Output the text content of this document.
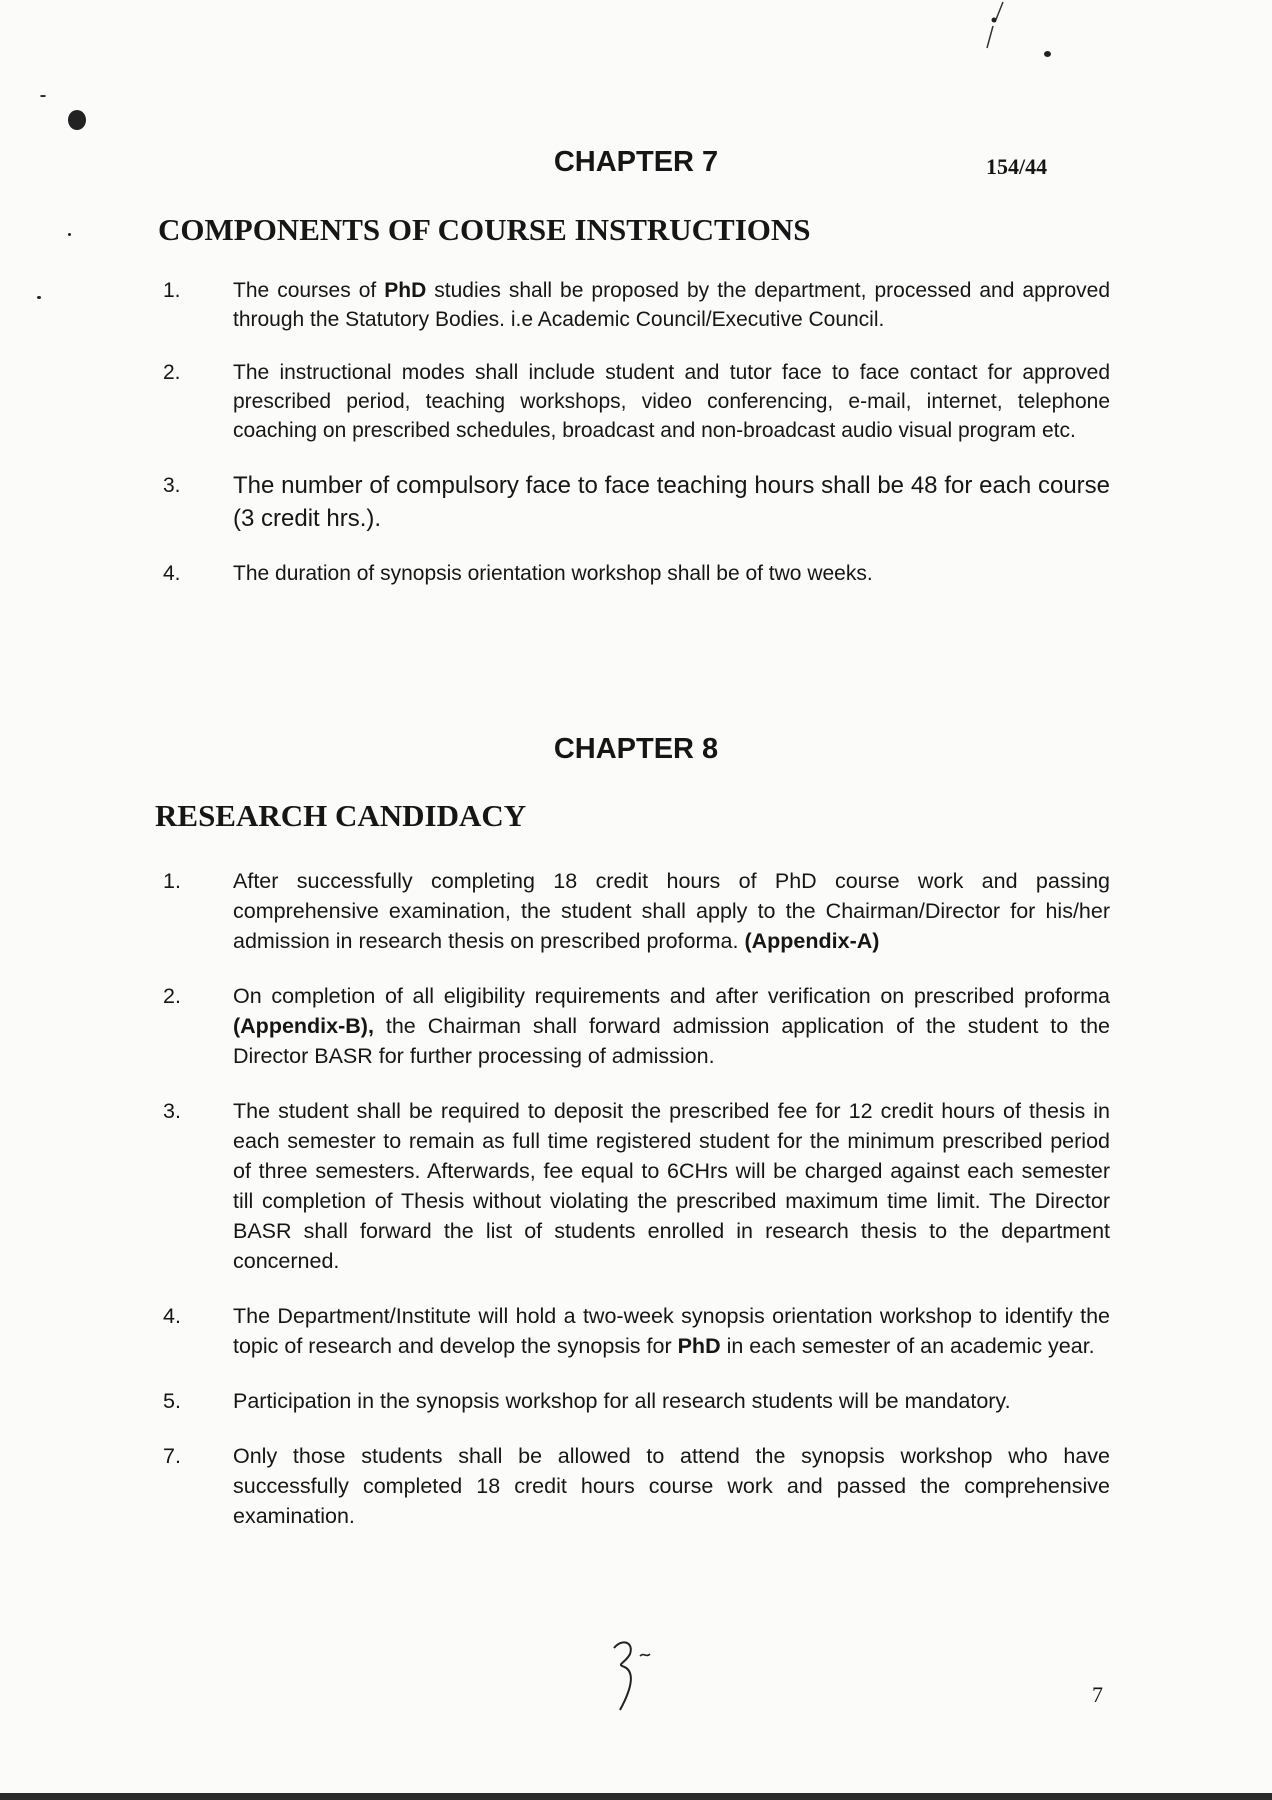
154/44
CHAPTER 7
COMPONENTS OF COURSE INSTRUCTIONS
1. The courses of PhD studies shall be proposed by the department, processed and approved through the Statutory Bodies. i.e Academic Council/Executive Council.
2. The instructional modes shall include student and tutor face to face contact for approved prescribed period, teaching workshops, video conferencing, e-mail, internet, telephone coaching on prescribed schedules, broadcast and non-broadcast audio visual program etc.
3. The number of compulsory face to face teaching hours shall be 48 for each course (3 credit hrs.).
4. The duration of synopsis orientation workshop shall be of two weeks.
CHAPTER 8
RESEARCH CANDIDACY
1. After successfully completing 18 credit hours of PhD course work and passing comprehensive examination, the student shall apply to the Chairman/Director for his/her admission in research thesis on prescribed proforma. (Appendix-A)
2. On completion of all eligibility requirements and after verification on prescribed proforma (Appendix-B), the Chairman shall forward admission application of the student to the Director BASR for further processing of admission.
3. The student shall be required to deposit the prescribed fee for 12 credit hours of thesis in each semester to remain as full time registered student for the minimum prescribed period of three semesters. Afterwards, fee equal to 6CHrs will be charged against each semester till completion of Thesis without violating the prescribed maximum time limit. The Director BASR shall forward the list of students enrolled in research thesis to the department concerned.
4. The Department/Institute will hold a two-week synopsis orientation workshop to identify the topic of research and develop the synopsis for PhD in each semester of an academic year.
5. Participation in the synopsis workshop for all research students will be mandatory.
7. Only those students shall be allowed to attend the synopsis workshop who have successfully completed 18 credit hours course work and passed the comprehensive examination.
7
